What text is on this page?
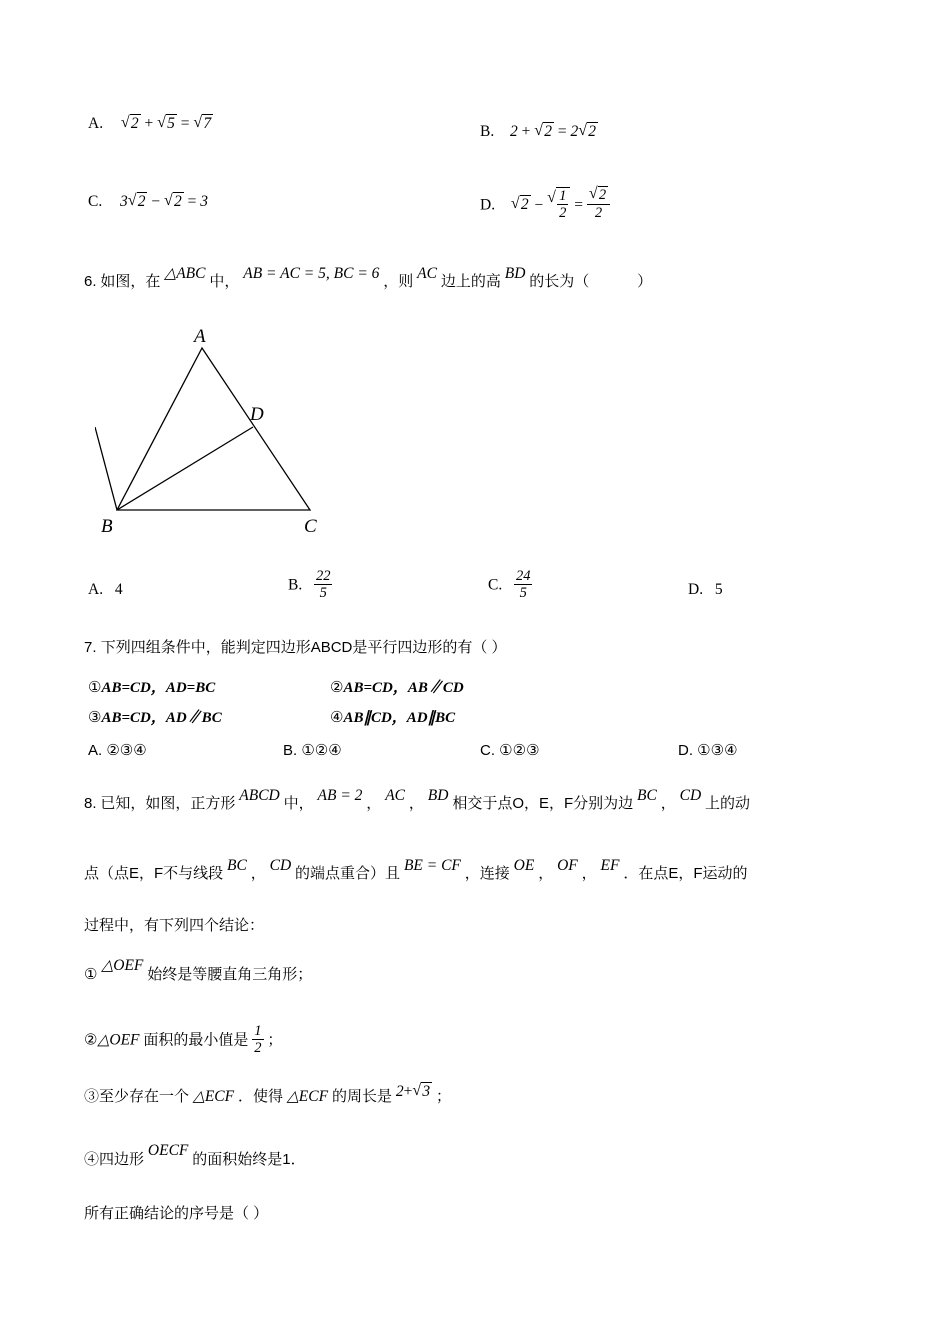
A. √ 2 + √ 5 = √ 7	B. 2 + √ 2 = 2 √ 2
C. 3 √ 2 − √ 2 = 3	D. √ 2 − √ $\frac{1}{2}$ = √ $\frac{2}{2}$
6. 如图，在 △ABC 中， AB = AC = 5, BC = 6 ，则 AC 边上的高 BD 的长为（	）
A
B	C
D
A. 4	B. $\frac{22}{5}$	C. $\frac{24}{5}$	D. 5
7. 下列四组条件中，能判定四边形ABCD是平行四边形的有（ ）
①AB=CD，AD=BC	②AB=CD，AB∥CD
③AB=CD，AD∥BC	④AB∥CD，AD∥BC
A. ②③④	B. ①②④	C. ①②③	D. ①③④
8. 已知，如图，正方形 ABCD 中， AB = 2 ， AC ， BD 相交于点O，E，F分别为边 BC ， CD 上的动
点（点E，F不与线段 BC ， CD 的端点重合）且 BE = CF ，连接 OE ， OF ， EF ．在点E，F运动的
过程中，有下列四个结论：
① △OEF 始终是等腰直角三角形；
②△OEF 面积的最小值是 $\frac{1}{2}$ ；
③至少存在一个 △ECF ．使得 △ECF 的周长是 2+ √ 3 ；
④四边形 OECF 的面积始终是1．
所有正确结论的序号是（ ）
